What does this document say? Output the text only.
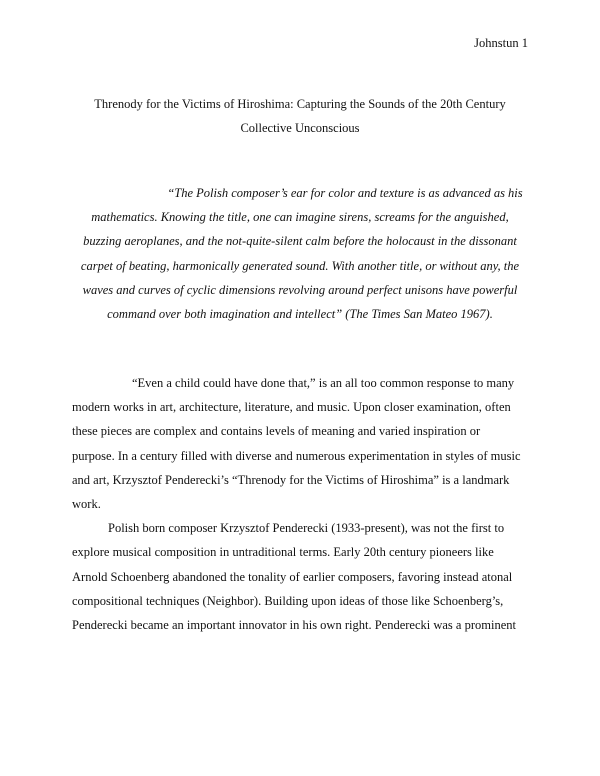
Johnstun 1
Threnody for the Victims of Hiroshima: Capturing the Sounds of the 20th Century
Collective Unconscious
“The Polish composer’s ear for color and texture is as advanced as his
mathematics. Knowing the title, one can imagine sirens, screams for the anguished,
buzzing aeroplanes, and the not-quite-silent calm before the holocaust in the dissonant
carpet of beating, harmonically generated sound. With another title, or without any, the
waves and curves of cyclic dimensions revolving around perfect unisons have powerful
command over both imagination and intellect” (The Times San Mateo 1967).
“Even a child could have done that,” is an all too common response to many
modern works in art, architecture, literature, and music. Upon closer examination, often
these pieces are complex and contains levels of meaning and varied inspiration or
purpose. In a century filled with diverse and numerous experimentation in styles of music
and art, Krzysztof Penderecki’s “Threnody for the Victims of Hiroshima” is a landmark
work.
Polish born composer Krzysztof Penderecki (1933-present), was not the first to
explore musical composition in untraditional terms. Early 20th century pioneers like
Arnold Schoenberg abandoned the tonality of earlier composers, favoring instead atonal
compositional techniques (Neighbor). Building upon ideas of those like Schoenberg’s,
Penderecki became an important innovator in his own right. Penderecki was a prominent
